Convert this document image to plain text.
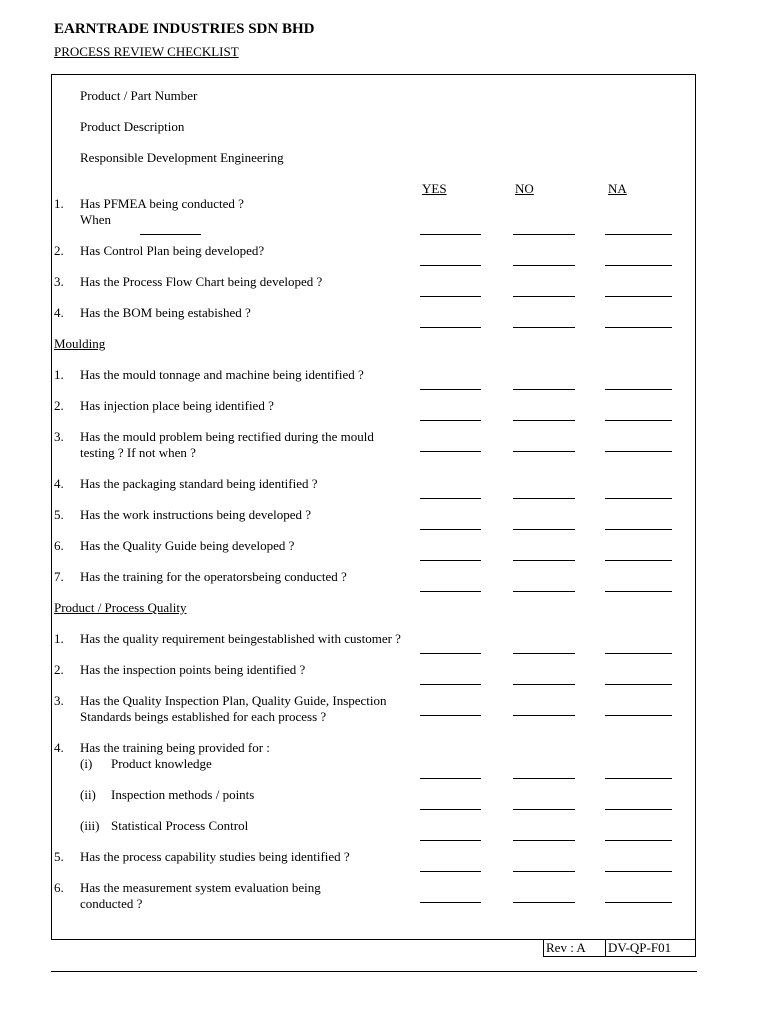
EARNTRADE INDUSTRIES SDN BHD
PROCESS REVIEW CHECKLIST
Product / Part Number
Product Description
Responsible Development Engineering
YES	NO	NA
1. Has PFMEA being conducted ?
When
2. Has Control Plan being developed?
3. Has the Process Flow Chart being developed ?
4. Has the BOM being estabished ?
Moulding
1. Has the mould tonnage and machine being identified ?
2. Has injection place being identified ?
3. Has the mould problem being rectified during the mould
testing ? If not when ?
4. Has the packaging standard being identified ?
5. Has the work instructions being developed ?
6. Has the Quality Guide being developed ?
7. Has the training for the operatorsbeing conducted ?
Product / Process Quality
1. Has the quality requirement beingestablished with customer ?
2. Has the inspection points being identified ?
3. Has the Quality Inspection Plan, Quality Guide, Inspection
Standards beings established for each process ?
4. Has the training being provided for :
(i) Product knowledge
(ii) Inspection methods / points
(iii) Statistical Process Control
5. Has the process capability studies being identified ?
6. Has the measurement system evaluation being
conducted ?
Rev : A DV-QP-F01
